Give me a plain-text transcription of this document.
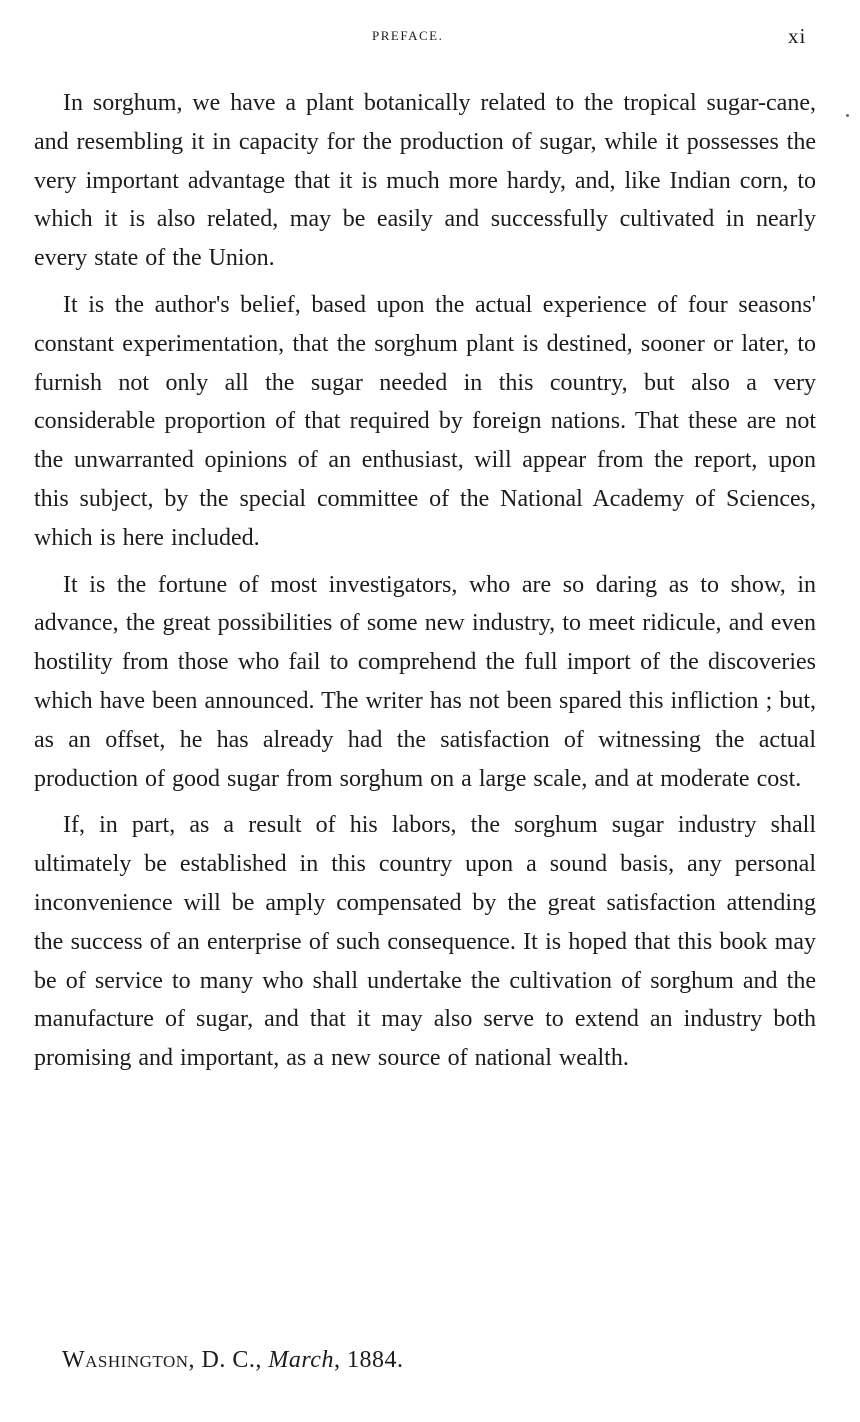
PREFACE.	xi

In sorghum, we have a plant botanically related to the tropical sugar-cane, and resembling it in capacity for the production of sugar, while it possesses the very important advantage that it is much more hardy, and, like Indian corn, to which it is also related, may be easily and successfully cultivated in nearly every state of the Union.

It is the author's belief, based upon the actual experience of four seasons' constant experimentation, that the sorghum plant is destined, sooner or later, to furnish not only all the sugar needed in this country, but also a very considerable proportion of that required by foreign nations. That these are not the unwarranted opinions of an enthusiast, will appear from the report, upon this subject, by the special committee of the National Academy of Sciences, which is here included.

It is the fortune of most investigators, who are so daring as to show, in advance, the great possibilities of some new industry, to meet ridicule, and even hostility from those who fail to comprehend the full import of the discoveries which have been announced. The writer has not been spared this infliction ; but, as an offset, he has already had the satisfaction of witnessing the actual production of good sugar from sorghum on a large scale, and at moderate cost.

If, in part, as a result of his labors, the sorghum sugar industry shall ultimately be established in this country upon a sound basis, any personal inconvenience will be amply compensated by the great satisfaction attending the success of an enterprise of such consequence. It is hoped that this book may be of service to many who shall undertake the cultivation of sorghum and the manufacture of sugar, and that it may also serve to extend an industry both promising and important, as a new source of national wealth.

Washington, D. C., March, 1884.
